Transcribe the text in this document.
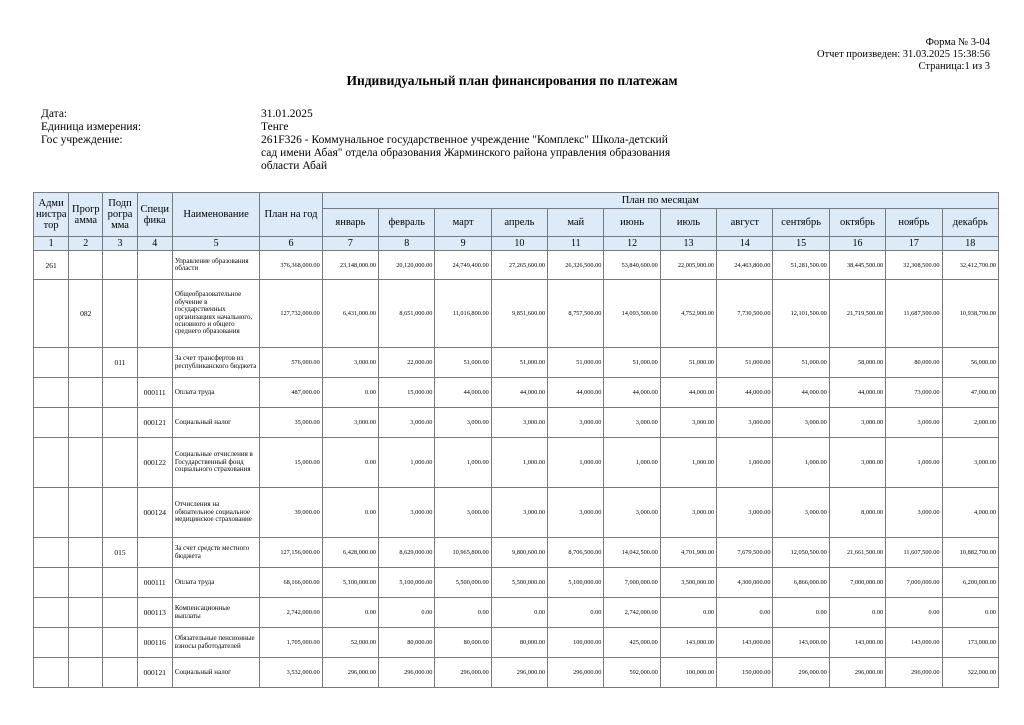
Форма № 3-04
Отчет произведен: 31.03.2025 15:38:56
Страница:1 из 3
Индивидуальный план финансирования по платежам
Дата:	31.01.2025
Единица измерения:	Тенге
Гос учреждение:	261F326 - Коммунальное государственное учреждение "Комплекс" Школа-детский сад имени Абая" отдела образования Жарминского района управления образования области Абай
Адми нистра тор	Прогр амма	Подп рогра мма	Специ фика	Наименование	План на год	План по месяцам											
						январь	февраль	март	апрель	май	июнь	июль	август	сентябрь	октябрь	ноябрь	декабрь
1	2	3	4	5	6	7	8	9	10	11	12	13	14	15	16	17	18
261				Управление образования области	376,368,000.00	23,148,000.00	20,120,000.00	24,749,400.00	27,265,600.00	26,326,500.00	53,840,600.00	22,005,900.00	24,463,800.00	51,281,500.00	38,445,500.00	32,308,500.00	32,412,700.00
	082			Общеобразовательное обучение в государственных организациях начального, основного и общего среднего образования	127,732,000.00	6,431,000.00	8,651,000.00	11,016,800.00	9,851,600.00	8,757,500.00	14,093,500.00	4,752,900.00	7,730,500.00	12,101,500.00	21,719,500.00	11,687,500.00	10,938,700.00
		011		За счет трансфертов из республиканского бюджета	576,000.00	3,000.00	22,000.00	51,000.00	51,000.00	51,000.00	51,000.00	51,000.00	51,000.00	51,000.00	58,000.00	80,000.00	56,000.00
			000111	Оплата труда	487,000.00	0.00	15,000.00	44,000.00	44,000.00	44,000.00	44,000.00	44,000.00	44,000.00	44,000.00	44,000.00	73,000.00	47,000.00
			000121	Социальный налог	35,000.00	3,000.00	3,000.00	3,000.00	3,000.00	3,000.00	3,000.00	3,000.00	3,000.00	3,000.00	3,000.00	3,000.00	2,000.00
			000122	Социальные отчисления в Государственный фонд социального страхования	15,000.00	0.00	1,000.00	1,000.00	1,000.00	1,000.00	1,000.00	1,000.00	1,000.00	1,000.00	3,000.00	1,000.00	3,000.00
			000124	Отчисления на обязательное социальное медицинское страхование	39,000.00	0.00	3,000.00	3,000.00	3,000.00	3,000.00	3,000.00	3,000.00	3,000.00	3,000.00	8,000.00	3,000.00	4,000.00
		015		За счет средств местного бюджета	127,156,000.00	6,428,000.00	8,629,000.00	10,965,800.00	9,800,600.00	8,706,500.00	14,042,500.00	4,701,900.00	7,679,500.00	12,050,500.00	21,661,500.00	11,607,500.00	10,882,700.00
			000111	Оплата труда	68,166,000.00	5,100,000.00	5,100,000.00	5,500,000.00	5,500,000.00	5,100,000.00	7,000,000.00	3,500,000.00	4,300,000.00	6,866,000.00	7,000,000.00	7,000,000.00	6,200,000.00
			000113	Компенсационные выплаты	2,742,000.00	0.00	0.00	0.00	0.00	0.00	2,742,000.00	0.00	0.00	0.00	0.00	0.00	0.00
			000116	Обязательные пенсионные взносы работодателей	1,705,000.00	52,000.00	80,000.00	80,000.00	80,000.00	100,000.00	425,000.00	143,000.00	143,000.00	143,000.00	143,000.00	143,000.00	173,000.00
			000121	Социальный налог	3,532,000.00	296,000.00	296,000.00	296,000.00	296,000.00	296,000.00	592,000.00	100,000.00	150,000.00	296,000.00	296,000.00	296,000.00	322,000.00
